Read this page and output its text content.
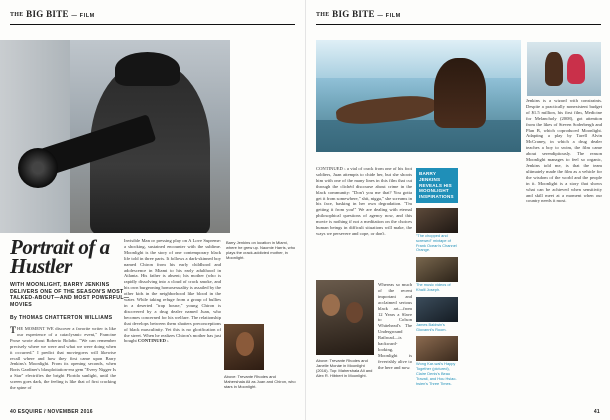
THE BIG BITE — FILM
Portrait of a Hustler
WITH MOONLIGHT, BARRY JENKINS DELIVERS ONE OF THE SEASON'S MOST TALKED-ABOUT—AND MOST POWERFUL—MOVIES
By THOMAS CHATTERTON WILLIAMS
THE MOMENT WE discover a favorite writer is like our experience of a cataclysmic event," Francine Prose wrote about Roberto Bolaño. "We can remember precisely where we were and what we were doing when it occurred." I predict that moviegoers will likewise recall where and how they first came upon Barry Jenkins's Moonlight. From its opening seconds, when Boris Gardiner's blaxploitation-era gem "Every Nigger Is a Star" electrifies the bright Florida sunlight, until the screen goes dark, the feeling is like that of first cracking the spine of
Invisible Man or pressing play on A Love Supreme: a shocking, sustained encounter with the sublime. Moonlight is the story of one contemporary black life told in three parts. It follows a dark-skinned boy named Chiron from his early childhood and adolescence in Miami to his early adulthood in Atlanta. His father is absent; his mother (who is rapidly dissolving into a cloud of crack smoke, and his own burgeoning homosexuality is assailed by the other kids in the neighborhood like blood in the water. While taking refuge from a group of bullies in a deserted "trap house," young Chiron is discovered by a drug dealer named Juan, who becomes concerned for his welfare. The relationship that develops between them shatters preconceptions of black masculinity. Yet this is no glorification of the street. When he realizes Chiron's mother has just bought CONTINUED ›
Barry Jenkins on location in Miami, where he grew up. Naomie Harris, who plays the crack-addicted mother, in Moonlight.
Above: Trevante Rhodes and Mahershala Ali as Juan and Chiron, who stars in Moonlight.
40 ESQUIRE / NOVEMBER 2016
THE BIG BITE — FILM
CONTINUED › a vial of crack from one of his foot soldiers, Juan attempts to chide her, but she shoots him with one of the many lines in this film that cut through the clichéd discourse about crime in the black community: "Don't you me that? You gotta get it from somewhere," shit, nigga," she screams in his face, basking in her own degradation. "I'm getting it from you!" We are dealing with eternal philosophical questions of agency now, and this movie is nothing if not a meditation on the choices human beings in difficult situations will make, the ways we persevere and cope, or don't.
BARRY JENKINS REVEALS HIS MOONLIGHT INSPIRATIONS
"The chopped and screwed" mixtape of Frank Ocean's Channel Orange.
The music videos of Khalil Joseph.
James Baldwin's Giovanni's Room.
Wong Kar-wai's Happy Together (pictured), Claire Denis's Beau Travail, and Hou Hsiao-hsien's Three Times.
Above: Trevante Rhodes and Janelle Monáe in Moonlight (2016). Top: Mahershala Ali and Alex R. Hibbert in Moonlight.
Whereas so much of the recent important and acclaimed serious black art—from 12 Years a Slave to Colson Whitehead's The Underground Railroad—is backward-looking, Moonlight is feverishly alive to the here and now.
Jenkins is a wizard with constraints. Despite a practically nonexistent budget of $1.5 million, his first film, Medicine for Melancholy (2008), got attention from the likes of Steven Soderbergh and Plan B, which coproduced Moonlight. Adapting a play by Tarell Alvin McCraney, in which a drug dealer teaches a boy to swim, the film came about serendipitously. The reason Moonlight manages to feel so organic, Jenkins told me, is that the team ultimately made the film as a vehicle for the wisdom of the world and the people in it. Moonlight is a story that shows what can be achieved when sensitivity and skill meet at a moment when our country needs it most.
41
